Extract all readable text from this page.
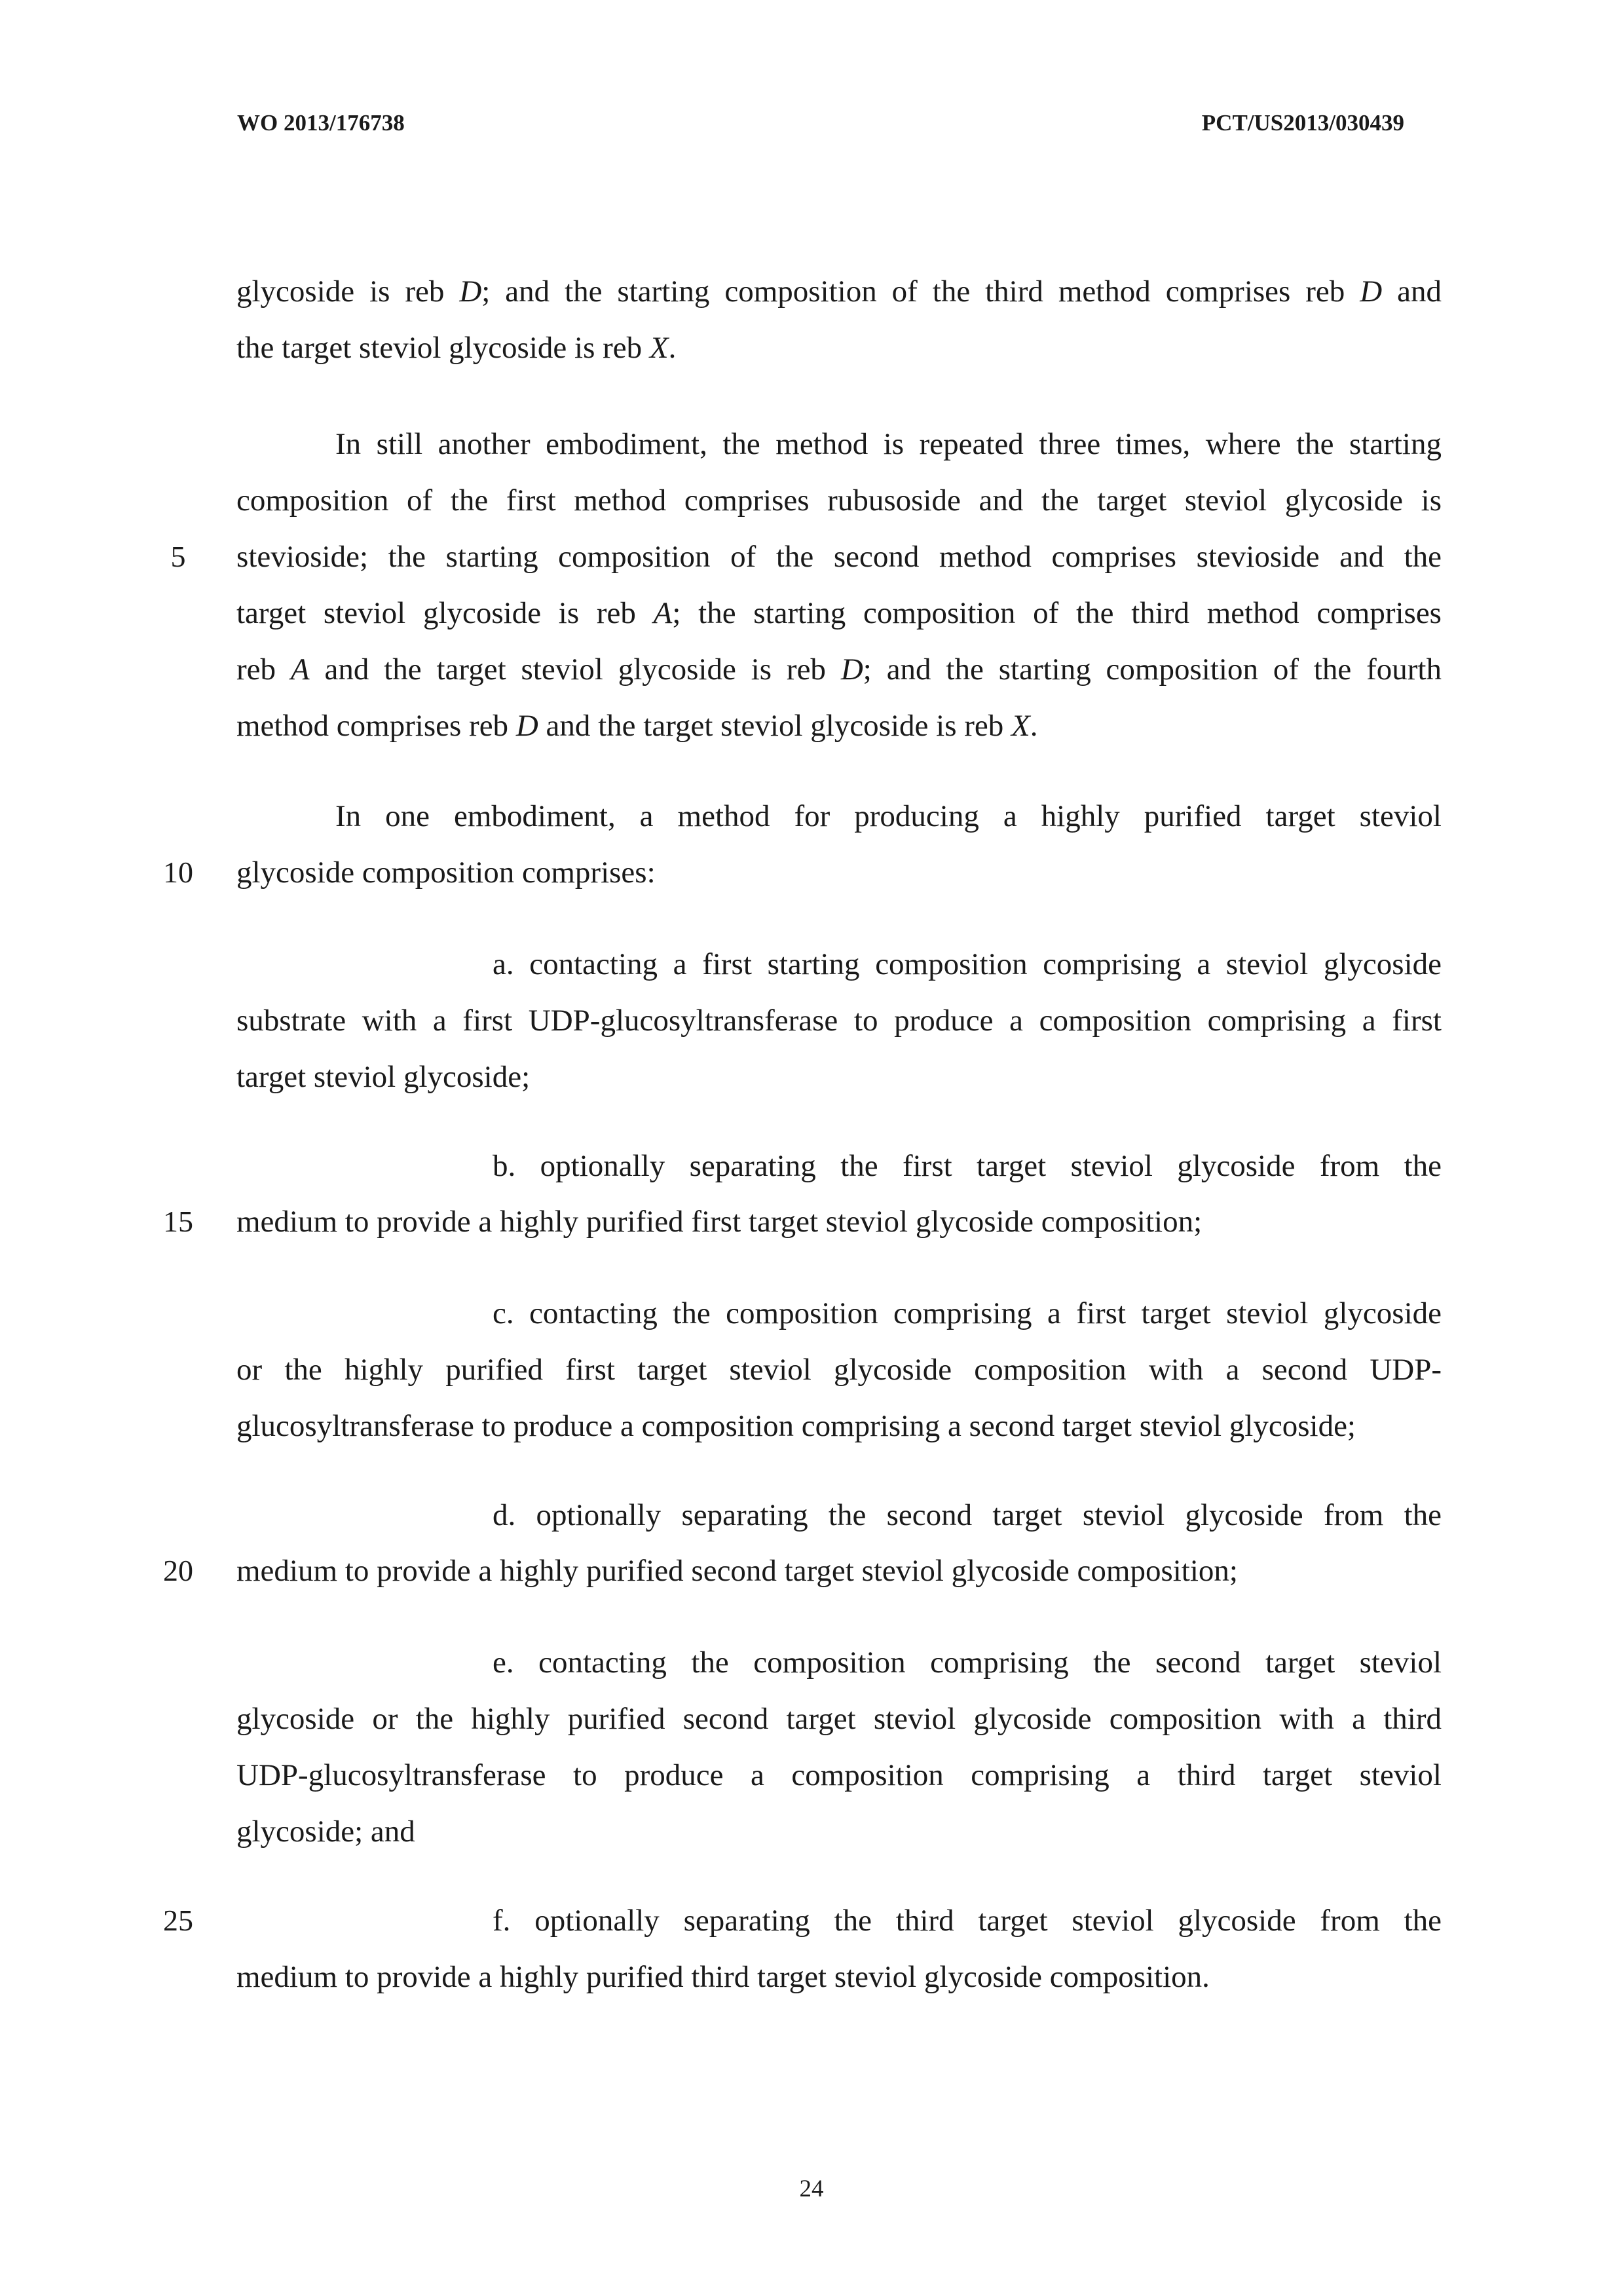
WO 2013/176738	PCT/US2013/030439
5
10
15
20
25
glycoside is reb D; and the starting composition of the third method comprises reb D and
the target steviol glycoside is reb X.
In still another embodiment, the method is repeated three times, where the starting
composition of the first method comprises rubusoside and the target steviol glycoside is
stevioside; the starting composition of the second method comprises stevioside and the
target steviol glycoside is reb A; the starting composition of the third method comprises
reb A and the target steviol glycoside is reb D; and the starting composition of the fourth
method comprises reb D and the target steviol glycoside is reb X.
In one embodiment, a method for producing a highly purified target steviol
glycoside composition comprises:
a. contacting a first starting composition comprising a steviol glycoside
substrate with a first UDP-glucosyltransferase to produce a composition comprising a first
target steviol glycoside;
b. optionally separating the first target steviol glycoside from the
medium to provide a highly purified first target steviol glycoside composition;
c. contacting the composition comprising a first target steviol glycoside
or the highly purified first target steviol glycoside composition with a second UDP-
glucosyltransferase to produce a composition comprising a second target steviol glycoside;
d. optionally separating the second target steviol glycoside from the
medium to provide a highly purified second target steviol glycoside composition;
e. contacting the composition comprising the second target steviol
glycoside or the highly purified second target steviol glycoside composition with a third
UDP-glucosyltransferase to produce a composition comprising a third target steviol
glycoside; and
f. optionally separating the third target steviol glycoside from the
medium to provide a highly purified third target steviol glycoside composition.
24
